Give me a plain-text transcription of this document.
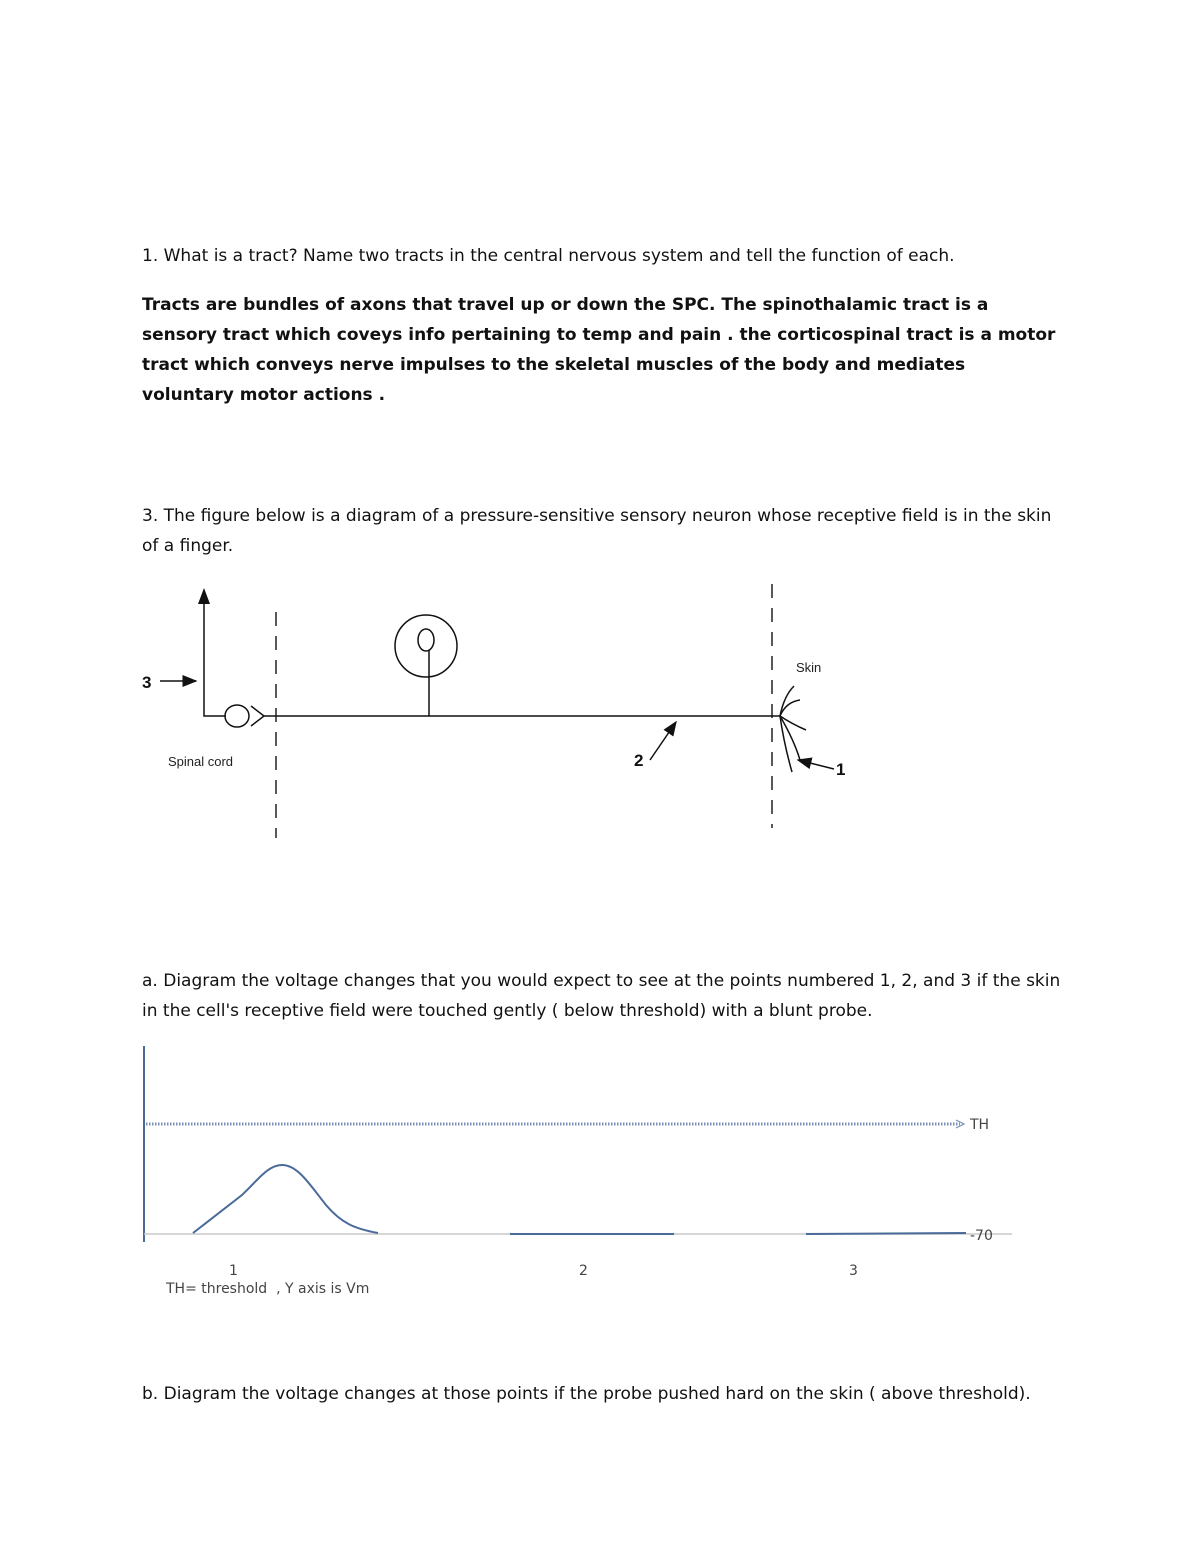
1. What is a tract? Name two tracts in the central nervous system and tell the function of each.

Tracts are bundles of axons that travel up or down the SPC. The spinothalamic tract is a sensory tract which coveys info pertaining to temp and pain . the corticospinal tract is a motor tract which conveys nerve impulses to the skeletal muscles of the body and mediates voluntary motor actions .

3. The figure below is a diagram of a pressure-sensitive sensory neuron whose receptive field is in the skin of a finger.

3
2	1
Skin
Spinal cord

a. Diagram the voltage changes that you would expect to see at the points numbered 1, 2, and 3 if the skin in the cell's receptive field were touched gently ( below threshold) with a blunt probe.

TH
-70
1	2	3
TH= threshold  , Y axis is Vm

b. Diagram the voltage changes at those points if the probe pushed hard on the skin ( above threshold).
